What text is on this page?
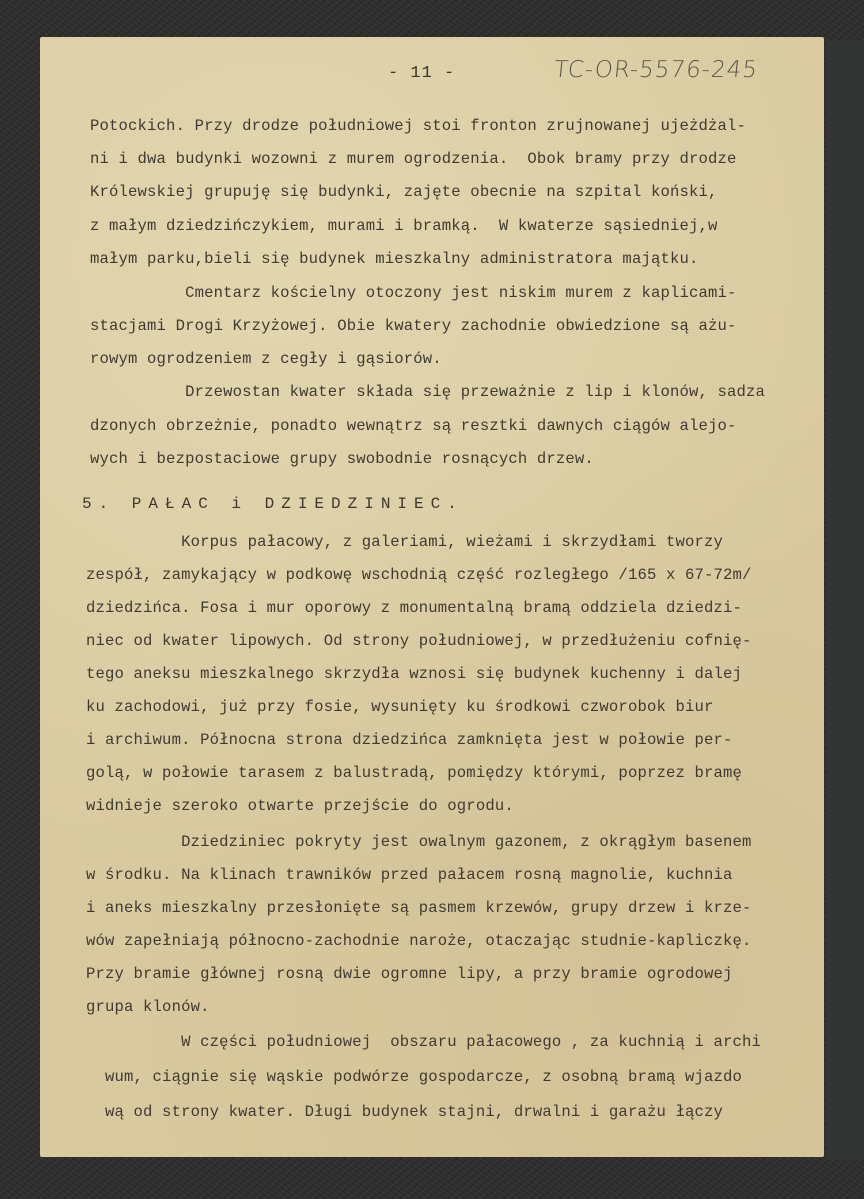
- 11 -	TC-OR-5576-245
Potockich. Przy drodze południowej stoi fronton zrujnowanej ujeżdżal-
ni i dwa budynki wozowni z murem ogrodzenia.  Obok bramy przy drodze
Królewskiej grupuję się budynki, zajęte obecnie na szpital koński,
z małym dziedzińczykiem, murami i bramką.  W kwaterze sąsiedniej,w
małym parku,bieli się budynek mieszkalny administratora majątku.
Cmentarz kościelny otoczony jest niskim murem z kaplicami-
stacjami Drogi Krzyżowej. Obie kwatery zachodnie obwiedzione są ażu-
rowym ogrodzeniem z cegły i gąsiorów.
Drzewostan kwater składa się przeważnie z lip i klonów, sadza
dzonych obrzeżnie, ponadto wewnątrz są resztki dawnych ciągów alejo-
wych i bezpostaciowe grupy swobodnie rosnących drzew.
5. PAŁAC i DZIEDZINIEC.
Korpus pałacowy, z galeriami, wieżami i skrzydłami tworzy
zespół, zamykający w podkowę wschodnią część rozległego /165 x 67-72m/
dziedzińca. Fosa i mur oporowy z monumentalną bramą oddziela dziedzi-
niec od kwater lipowych. Od strony południowej, w przedłużeniu cofnię-
tego aneksu mieszkalnego skrzydła wznosi się budynek kuchenny i dalej
ku zachodowi, już przy fosie, wysunięty ku środkowi czworobok biur
i archiwum. Północna strona dziedzińca zamknięta jest w połowie per-
golą, w połowie tarasem z balustradą, pomiędzy którymi, poprzez bramę
widnieje szeroko otwarte przejście do ogrodu.
Dziedziniec pokryty jest owalnym gazonem, z okrągłym basenem
w środku. Na klinach trawników przed pałacem rosną magnolie, kuchnia
i aneks mieszkalny przesłonięte są pasmem krzewów, grupy drzew i krze-
wów zapełniają północno-zachodnie naroże, otaczając studnie-kapliczkę.
Przy bramie głównej rosną dwie ogromne lipy, a przy bramie ogrodowej
grupa klonów.
W części południowej  obszaru pałacowego , za kuchnią i archi
wum, ciągnie się wąskie podwórze gospodarcze, z osobną bramą wjazdo
wą od strony kwater. Długi budynek stajni, drwalni i garażu łączy
